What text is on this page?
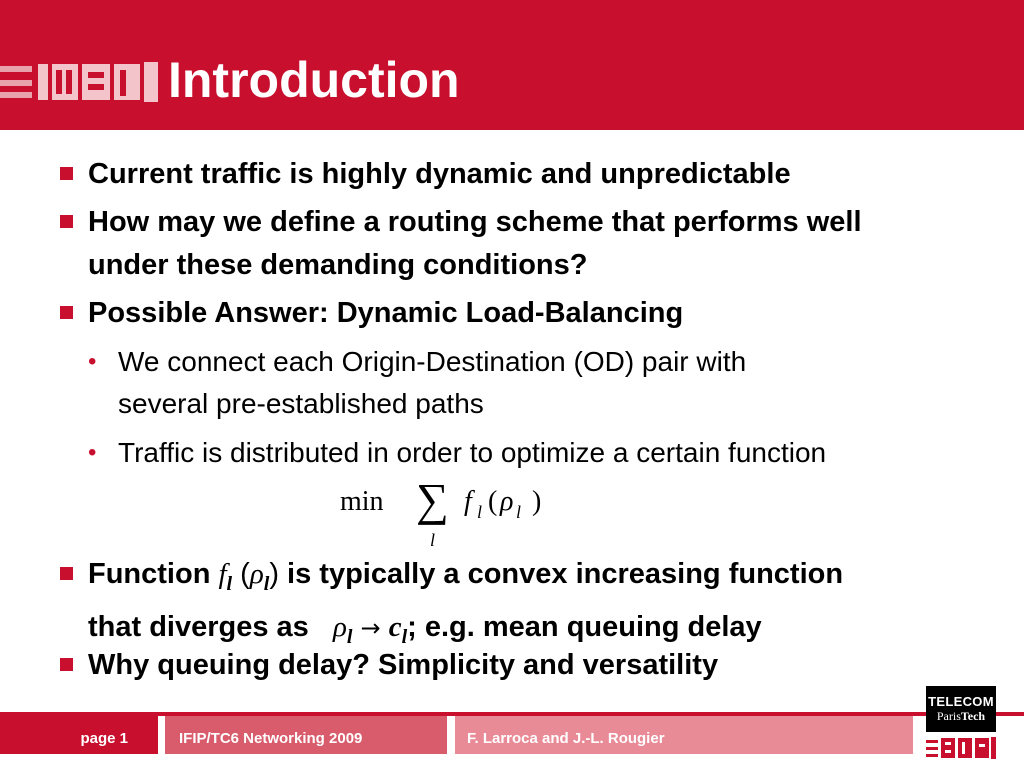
Introduction
Current traffic is highly dynamic and unpredictable
How may we define a routing scheme that performs well
under these demanding conditions?
Possible Answer: Dynamic Load-Balancing
• We connect each Origin-Destination (OD) pair with
several pre-established paths
• Traffic is distributed in order to optimize a certain function
min ∑
l
f l ( ρ l )
Function $f_l$ $(\rho_l)$ is typically a convex increasing function
that diverges as $\rho_l \to c_l$; e.g. mean queuing delay
Why queuing delay? Simplicity and versatility
page 1	IFIP/TC6 Networking 2009	F. Larroca and J.-L. Rougier
TELECOM
ParisTech
